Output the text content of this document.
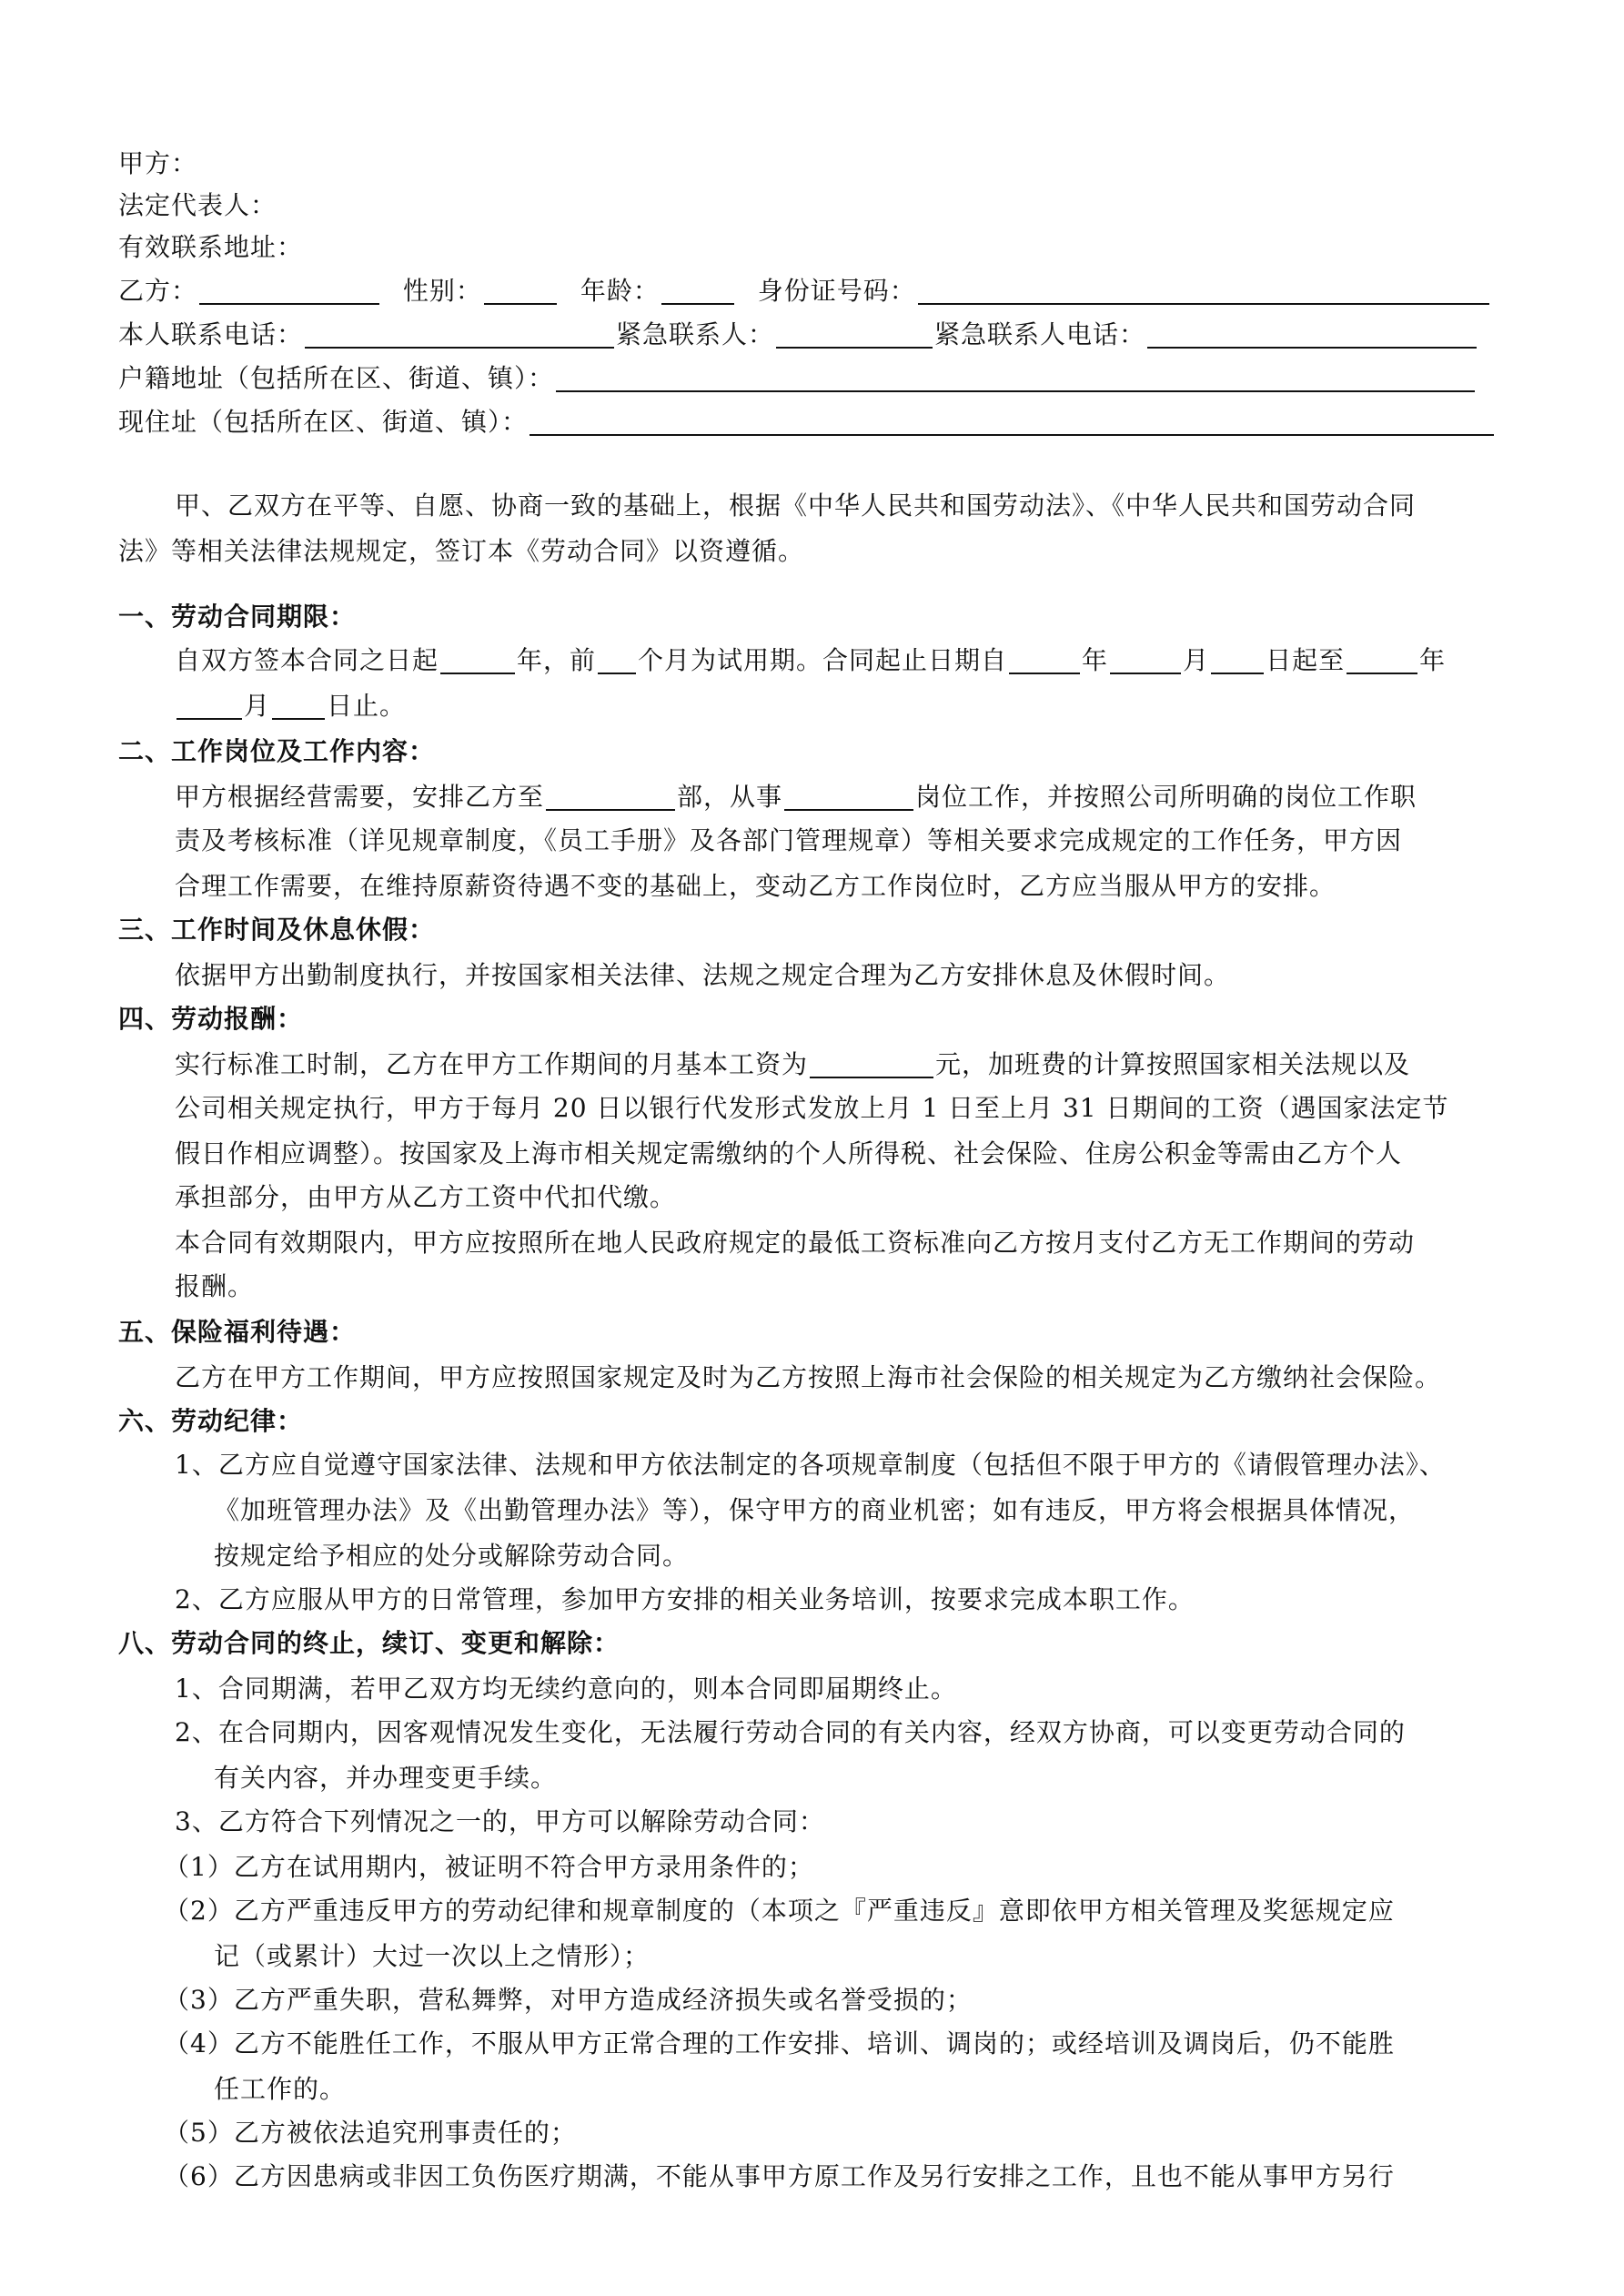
甲方：
法定代表人：
有效联系地址：
乙方：	性别：	年龄：	身份证号码：
本人联系电话：	紧急联系人：	紧急联系人电话：
户籍地址（包括所在区、街道、镇）：
现住址（包括所在区、街道、镇）：
甲、乙双方在平等、自愿、协商一致的基础上，根据《中华人民共和国劳动法》、《中华人民共和国劳动合同
法》等相关法律法规规定，签订本《劳动合同》以资遵循。
一、劳动合同期限：
自双方签本合同之日起	年，前 个月为试用期。合同起止日期自	年	月 日起至	年
月 日止。
二、工作岗位及工作内容：
甲方根据经营需要，安排乙方至	部，从事	岗位工作，并按照公司所明确的岗位工作职
责及考核标准（详见规章制度，《员工手册》及各部门管理规章）等相关要求完成规定的工作任务，甲方因
合理工作需要，在维持原薪资待遇不变的基础上，变动乙方工作岗位时，乙方应当服从甲方的安排。
三、工作时间及休息休假：
依据甲方出勤制度执行，并按国家相关法律、法规之规定合理为乙方安排休息及休假时间。
四、劳动报酬：
实行标准工时制，乙方在甲方工作期间的月基本工资为	元，加班费的计算按照国家相关法规以及
公司相关规定执行，甲方于每月 20 日以银行代发形式发放上月 1 日至上月 31 日期间的工资（遇国家法定节
假日作相应调整）。按国家及上海市相关规定需缴纳的个人所得税、社会保险、住房公积金等需由乙方个人
承担部分，由甲方从乙方工资中代扣代缴。
本合同有效期限内，甲方应按照所在地人民政府规定的最低工资标准向乙方按月支付乙方无工作期间的劳动
报酬。
五、保险福利待遇：
乙方在甲方工作期间，甲方应按照国家规定及时为乙方按照上海市社会保险的相关规定为乙方缴纳社会保险。
六、劳动纪律：
1、乙方应自觉遵守国家法律、法规和甲方依法制定的各项规章制度（包括但不限于甲方的《请假管理办法》、
《加班管理办法》及《出勤管理办法》等），保守甲方的商业机密；如有违反，甲方将会根据具体情况，
按规定给予相应的处分或解除劳动合同。
2、乙方应服从甲方的日常管理，参加甲方安排的相关业务培训，按要求完成本职工作。
八、劳动合同的终止，续订、变更和解除：
1、合同期满，若甲乙双方均无续约意向的，则本合同即届期终止。
2、在合同期内，因客观情况发生变化，无法履行劳动合同的有关内容，经双方协商，可以变更劳动合同的
有关内容，并办理变更手续。
3、乙方符合下列情况之一的，甲方可以解除劳动合同：
（1）乙方在试用期内，被证明不符合甲方录用条件的；
（2）乙方严重违反甲方的劳动纪律和规章制度的（本项之『严重违反』意即依甲方相关管理及奖惩规定应
记（或累计）大过一次以上之情形）；
（3）乙方严重失职，营私舞弊，对甲方造成经济损失或名誉受损的；
（4）乙方不能胜任工作，不服从甲方正常合理的工作安排、培训、调岗的；或经培训及调岗后，仍不能胜
任工作的。
（5）乙方被依法追究刑事责任的；
（6）乙方因患病或非因工负伤医疗期满，不能从事甲方原工作及另行安排之工作，且也不能从事甲方另行
